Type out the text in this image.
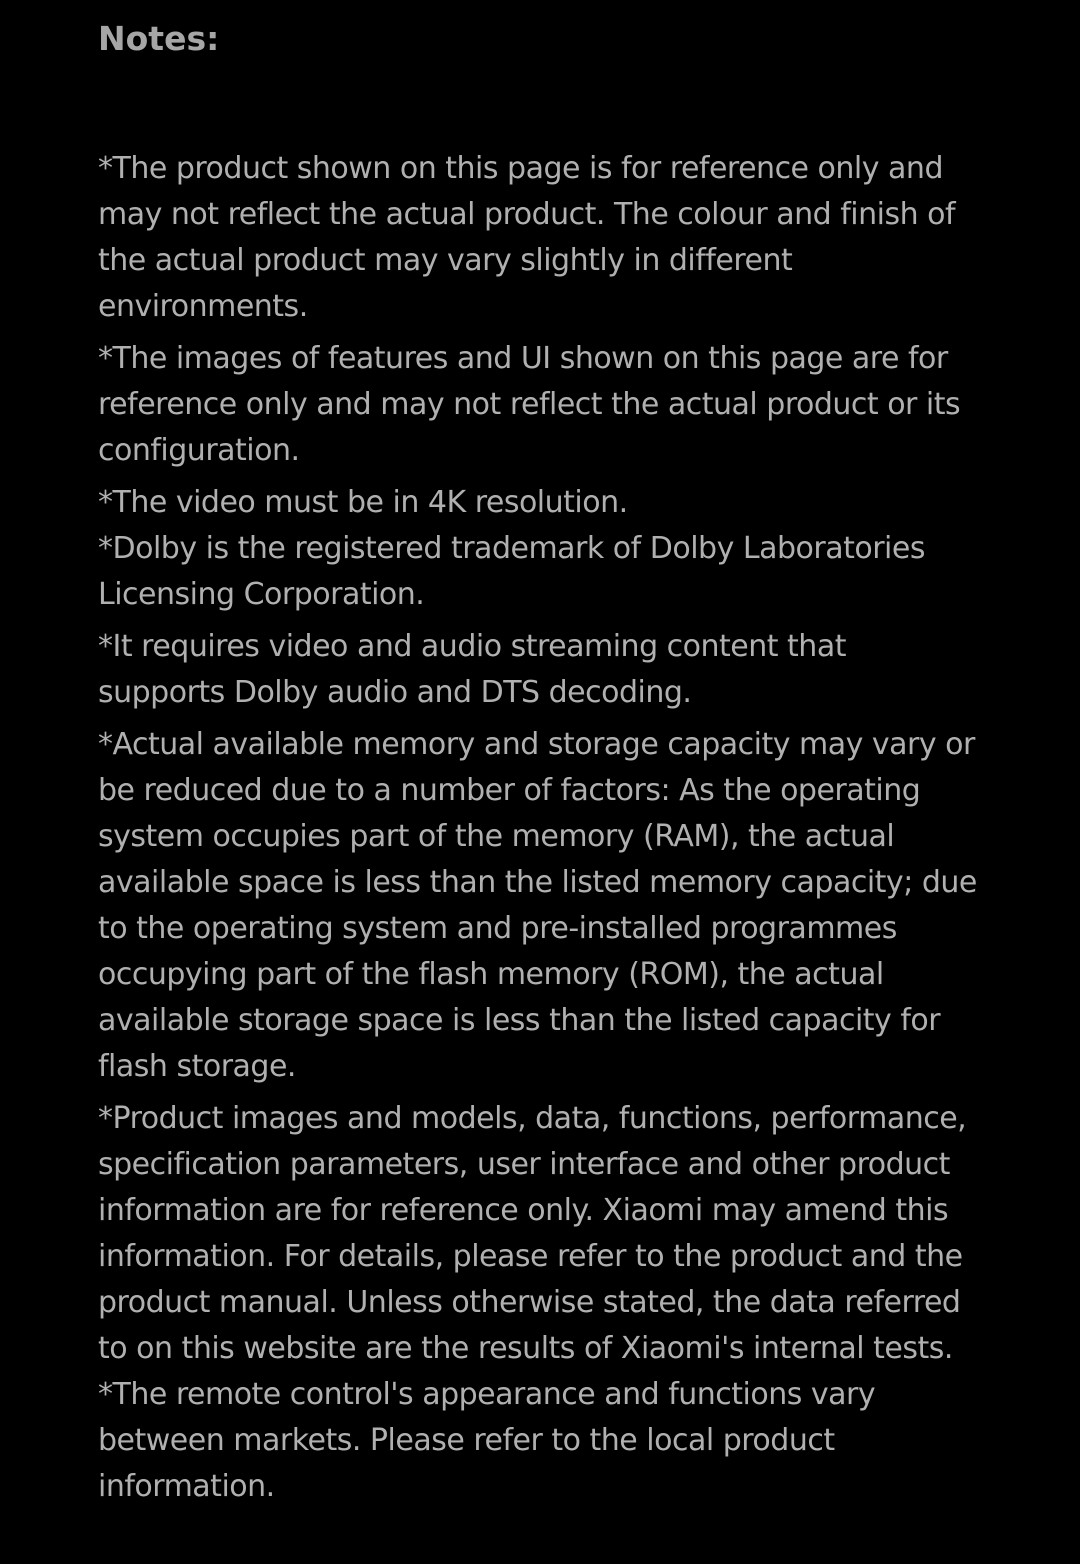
Notes:
*The product shown on this page is for reference only and may not reflect the actual product. The colour and finish of the actual product may vary slightly in different environments.
*The images of features and UI shown on this page are for reference only and may not reflect the actual product or its configuration.
*The video must be in 4K resolution.
*Dolby is the registered trademark of Dolby Laboratories Licensing Corporation.
*It requires video and audio streaming content that supports Dolby audio and DTS decoding.
*Actual available memory and storage capacity may vary or be reduced due to a number of factors: As the operating system occupies part of the memory (RAM), the actual available space is less than the listed memory capacity; due to the operating system and pre-installed programmes occupying part of the flash memory (ROM), the actual available storage space is less than the listed capacity for flash storage.
*Product images and models, data, functions, performance, specification parameters, user interface and other product information are for reference only. Xiaomi may amend this information. For details, please refer to the product and the product manual. Unless otherwise stated, the data referred to on this website are the results of Xiaomi's internal tests.
*The remote control's appearance and functions vary between markets. Please refer to the local product information.
